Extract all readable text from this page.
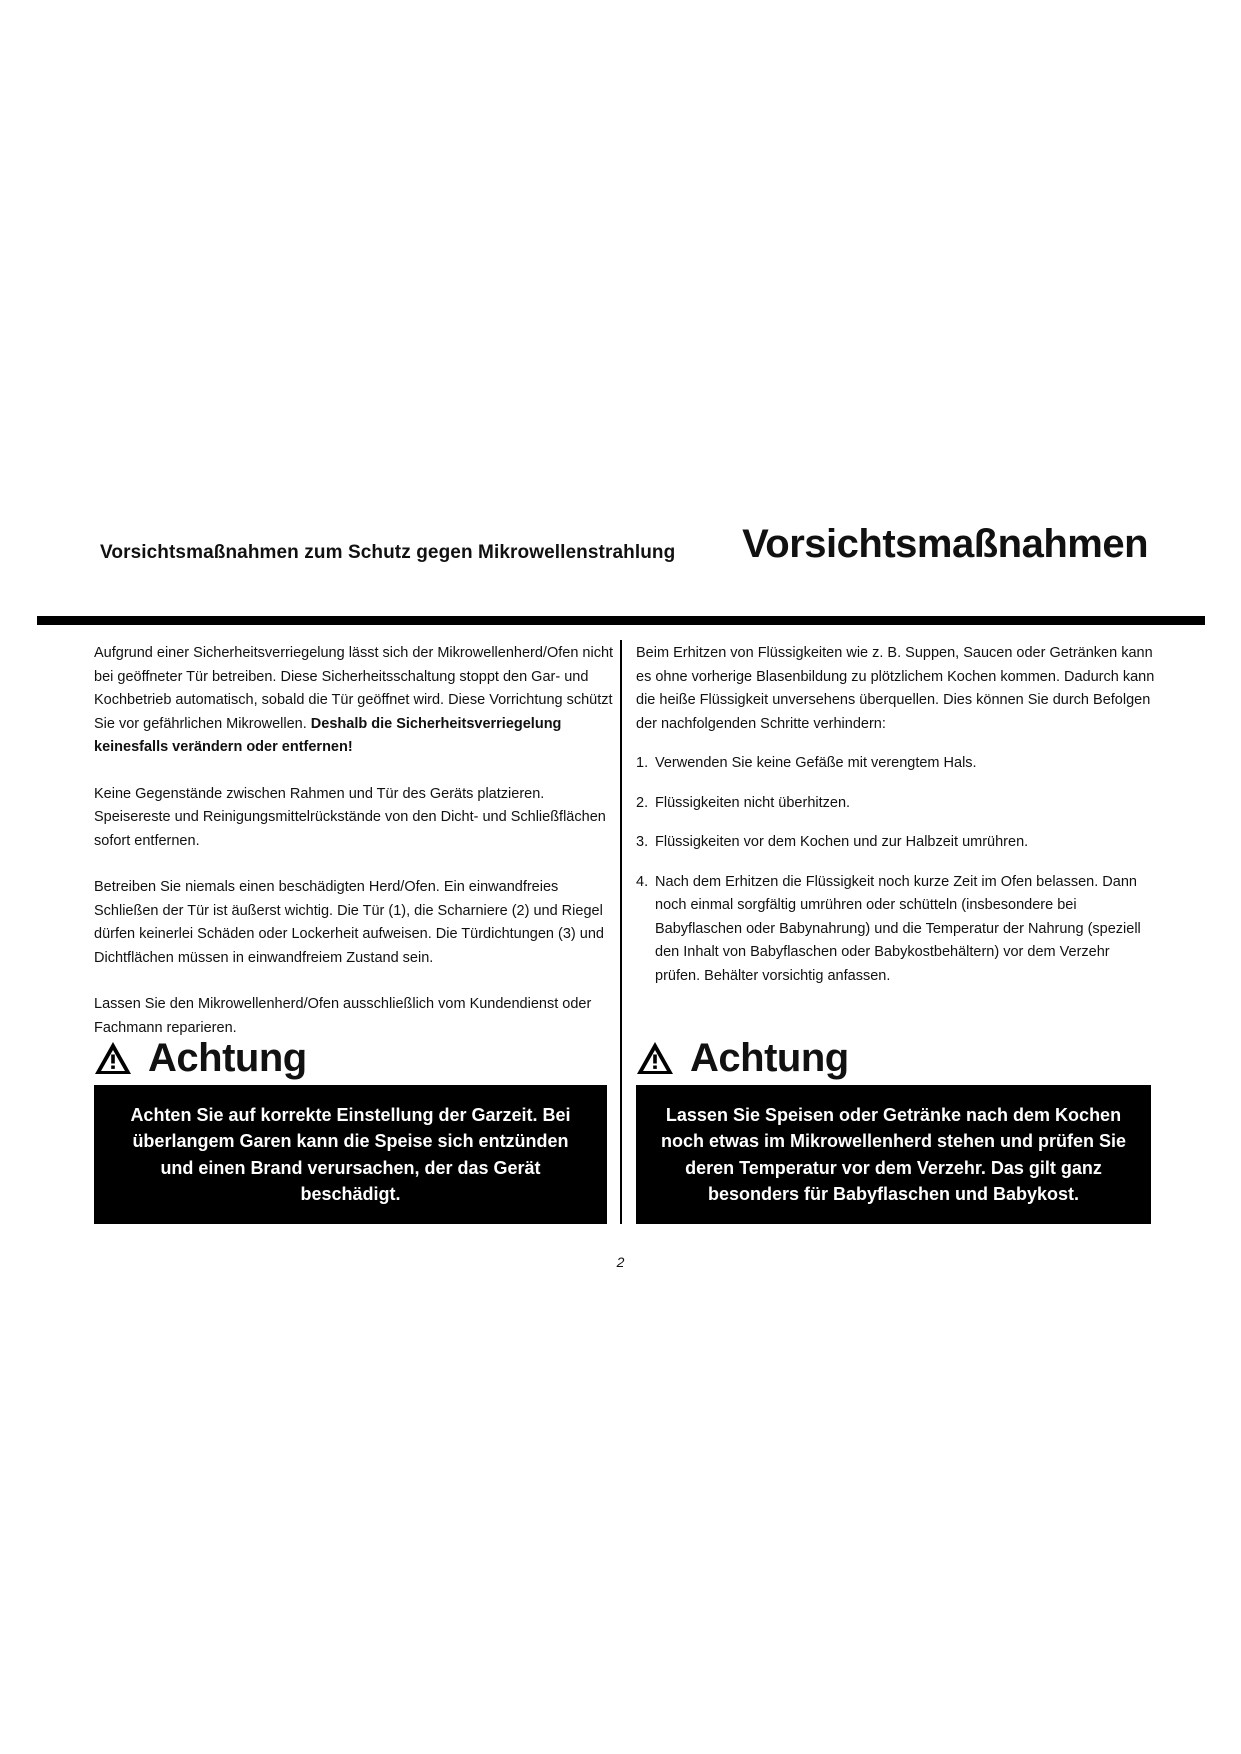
Vorsichtsmaßnahmen zum Schutz gegen Mikrowellenstrahlung Vorsichtsmaßnahmen

Aufgrund einer Sicherheitsverriegelung lässt sich der Mikrowellenherd/Ofen nicht bei geöffneter Tür betreiben. Diese Sicherheitsschaltung stoppt den Gar- und Kochbetrieb automatisch, sobald die Tür geöffnet wird. Diese Vorrichtung schützt Sie vor gefährlichen Mikrowellen. Deshalb die Sicherheitsverriegelung keinesfalls verändern oder entfernen!

Keine Gegenstände zwischen Rahmen und Tür des Geräts platzieren. Speisereste und Reinigungsmittelrückstände von den Dicht- und Schließflächen sofort entfernen.

Betreiben Sie niemals einen beschädigten Herd/Ofen. Ein einwandfreies Schließen der Tür ist äußerst wichtig. Die Tür (1), die Scharniere (2) und Riegel dürfen keinerlei Schäden oder Lockerheit aufweisen. Die Türdichtungen (3) und Dichtflächen müssen in einwandfreiem Zustand sein.

Lassen Sie den Mikrowellenherd/Ofen ausschließlich vom Kundendienst oder Fachmann reparieren.

Beim Erhitzen von Flüssigkeiten wie z. B. Suppen, Saucen oder Getränken kann es ohne vorherige Blasenbildung zu plötzlichem Kochen kommen. Dadurch kann die heiße Flüssigkeit unversehens überquellen. Dies können Sie durch Befolgen der nachfolgenden Schritte verhindern:

1. Verwenden Sie keine Gefäße mit verengtem Hals.
2. Flüssigkeiten nicht überhitzen.
3. Flüssigkeiten vor dem Kochen und zur Halbzeit umrühren.
4. Nach dem Erhitzen die Flüssigkeit noch kurze Zeit im Ofen belassen. Dann noch einmal sorgfältig umrühren oder schütteln (insbesondere bei Babyflaschen oder Babynahrung) und die Temperatur der Nahrung (speziell den Inhalt von Babyflaschen oder Babykostbehältern) vor dem Verzehr prüfen. Behälter vorsichtig anfassen.
Achtung	Achtung
Achten Sie auf korrekte Einstellung der Garzeit. Bei überlangem Garen kann die Speise sich entzünden und einen Brand verursachen, der das Gerät beschädigt.
Lassen Sie Speisen oder Getränke nach dem Kochen noch etwas im Mikrowellenherd stehen und prüfen Sie deren Temperatur vor dem Verzehr. Das gilt ganz besonders für Babyflaschen und Babykost.
2
